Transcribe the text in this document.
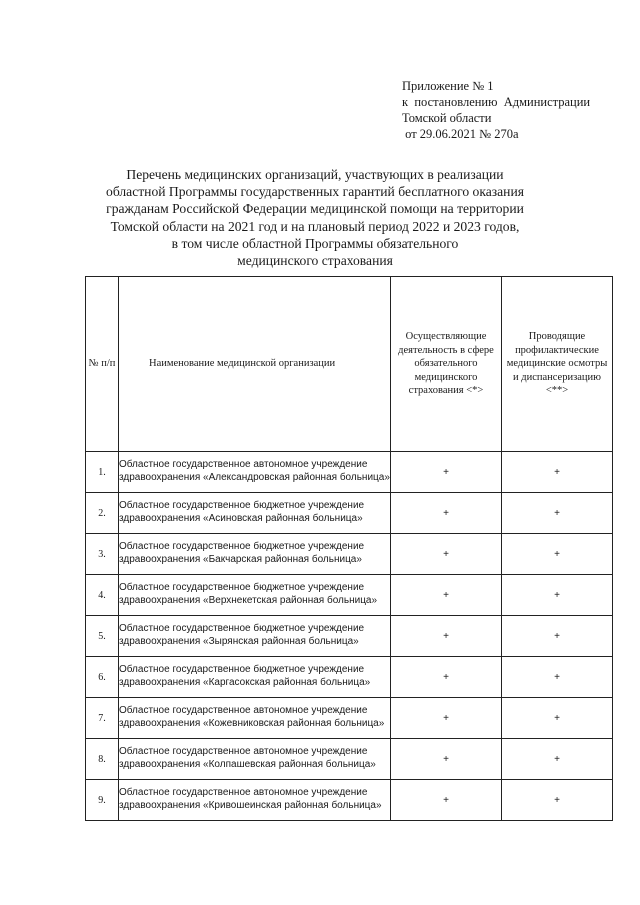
Приложение № 1
к  постановлению  Администрации
Томской области
от 29.06.2021 № 270а
Перечень медицинских организаций, участвующих в реализации
областной Программы государственных гарантий бесплатного оказания
гражданам Российской Федерации медицинской помощи на территории
Томской области на 2021 год и на плановый период 2022 и 2023 годов,
в том числе областной Программы обязательного
медицинского страхования
№ п/п	Наименование медицинской организации	Осуществляющие деятельность в сфере обязательного медицинского страхования <*>	Проводящие профилактические медицинские осмотры и диспансеризацию <**>

1.	Областное государственное автономное учреждение здравоохранения «Александровская районная больница»	+	+
2.	Областное государственное бюджетное учреждение здравоохранения «Асиновская районная больница»	+	+
3.	Областное государственное бюджетное учреждение здравоохранения «Бакчарская районная больница»	+	+
4.	Областное государственное бюджетное учреждение здравоохранения «Верхнекетская районная больница»	+	+
5.	Областное государственное бюджетное учреждение здравоохранения «Зырянская районная больница»	+	+
6.	Областное государственное бюджетное учреждение здравоохранения «Каргасокская районная больница»	+	+
7.	Областное государственное автономное учреждение здравоохранения «Кожевниковская районная больница»	+	+
8.	Областное государственное автономное учреждение здравоохранения «Колпашевская районная больница»	+	+
9.	Областное государственное автономное учреждение здравоохранения «Кривошеинская районная больница»	+	+
